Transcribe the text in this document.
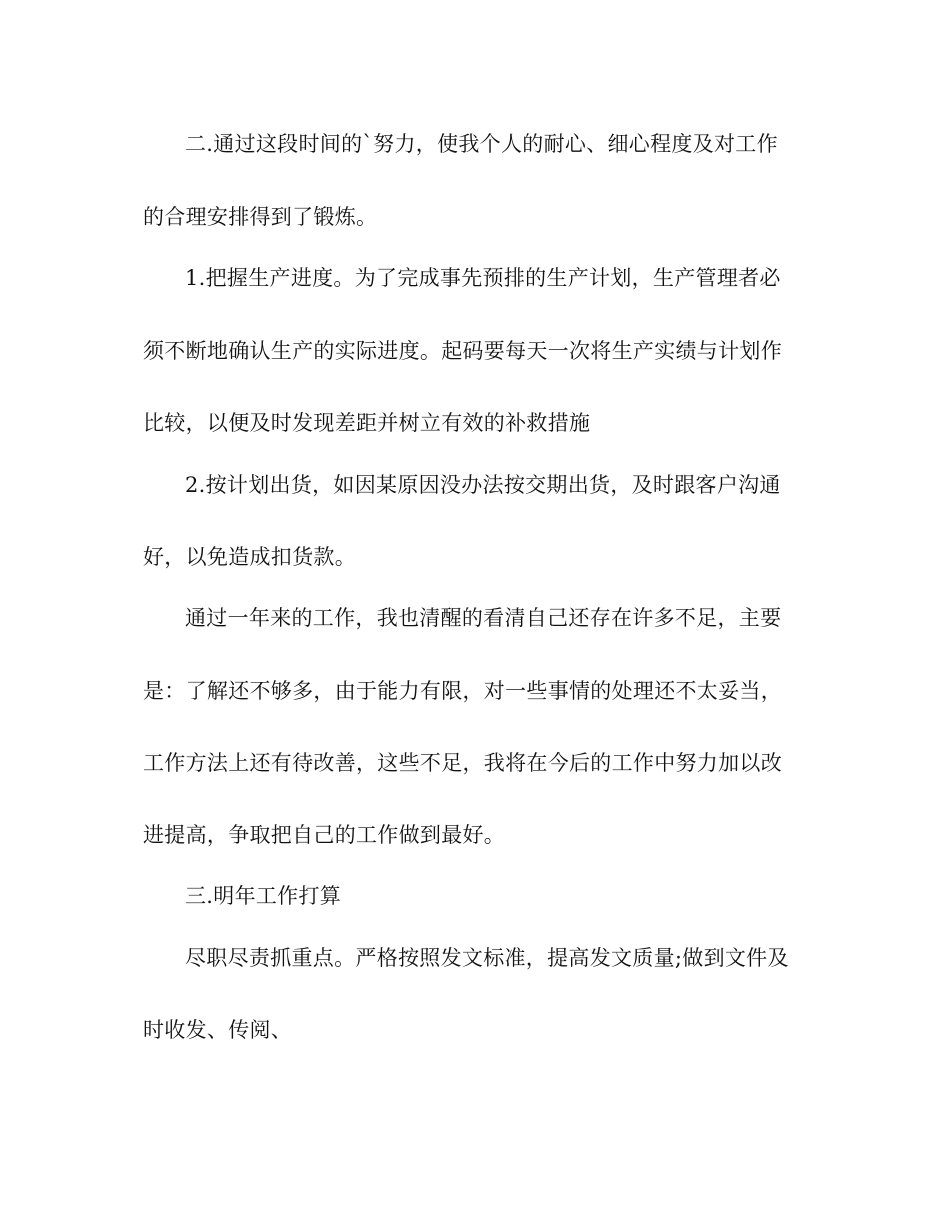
二.通过这段时间的`努力，使我个人的耐心、细心程度及对工作
的合理安排得到了锻炼。
1.把握生产进度。为了完成事先预排的生产计划，生产管理者必
须不断地确认生产的实际进度。起码要每天一次将生产实绩与计划作
比较，以便及时发现差距并树立有效的补救措施
2.按计划出货，如因某原因没办法按交期出货，及时跟客户沟通
好，以免造成扣货款。
通过一年来的工作，我也清醒的看清自己还存在许多不足，主要
是：了解还不够多，由于能力有限，对一些事情的处理还不太妥当，
工作方法上还有待改善，这些不足，我将在今后的工作中努力加以改
进提高，争取把自己的工作做到最好。
三.明年工作打算
尽职尽责抓重点。严格按照发文标准，提高发文质量;做到文件及
时收发、传阅、
